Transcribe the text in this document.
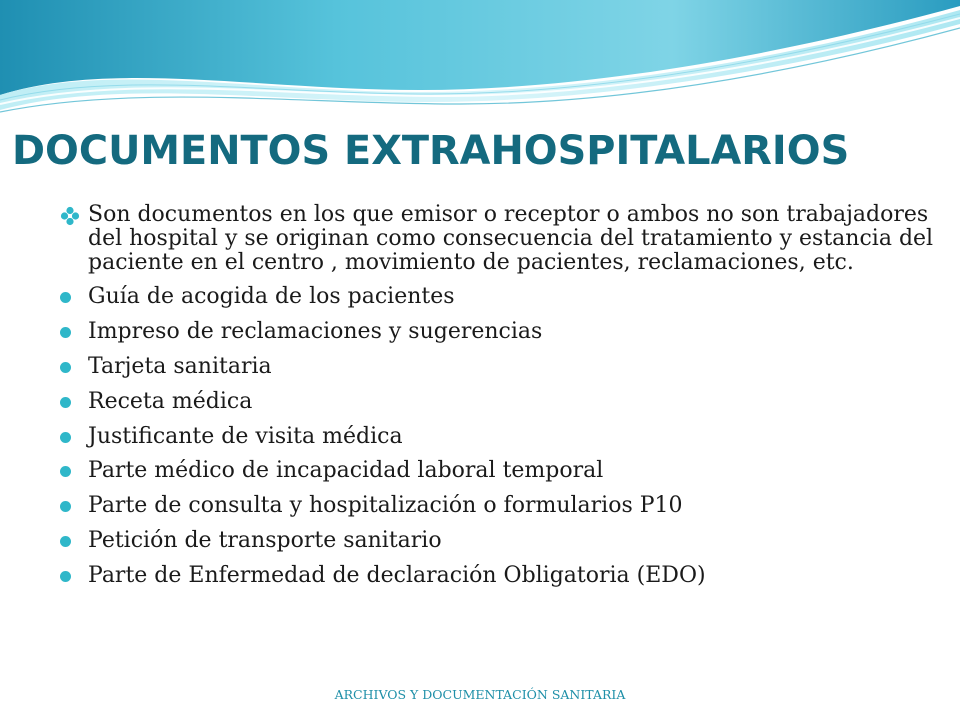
DOCUMENTOS EXTRAHOSPITALARIOS
Son documentos en los que emisor o receptor o ambos no son trabajadores del hospital y se originan como consecuencia del tratamiento y estancia del paciente en el centro , movimiento de pacientes, reclamaciones, etc.
Guía de acogida de los pacientes
Impreso de reclamaciones y sugerencias
Tarjeta sanitaria
Receta médica
Justificante de visita médica
Parte médico de incapacidad laboral temporal
Parte de consulta y hospitalización o formularios P10
Petición de transporte sanitario
Parte de Enfermedad de declaración Obligatoria (EDO)
ARCHIVOS Y DOCUMENTACIÓN SANITARIA
